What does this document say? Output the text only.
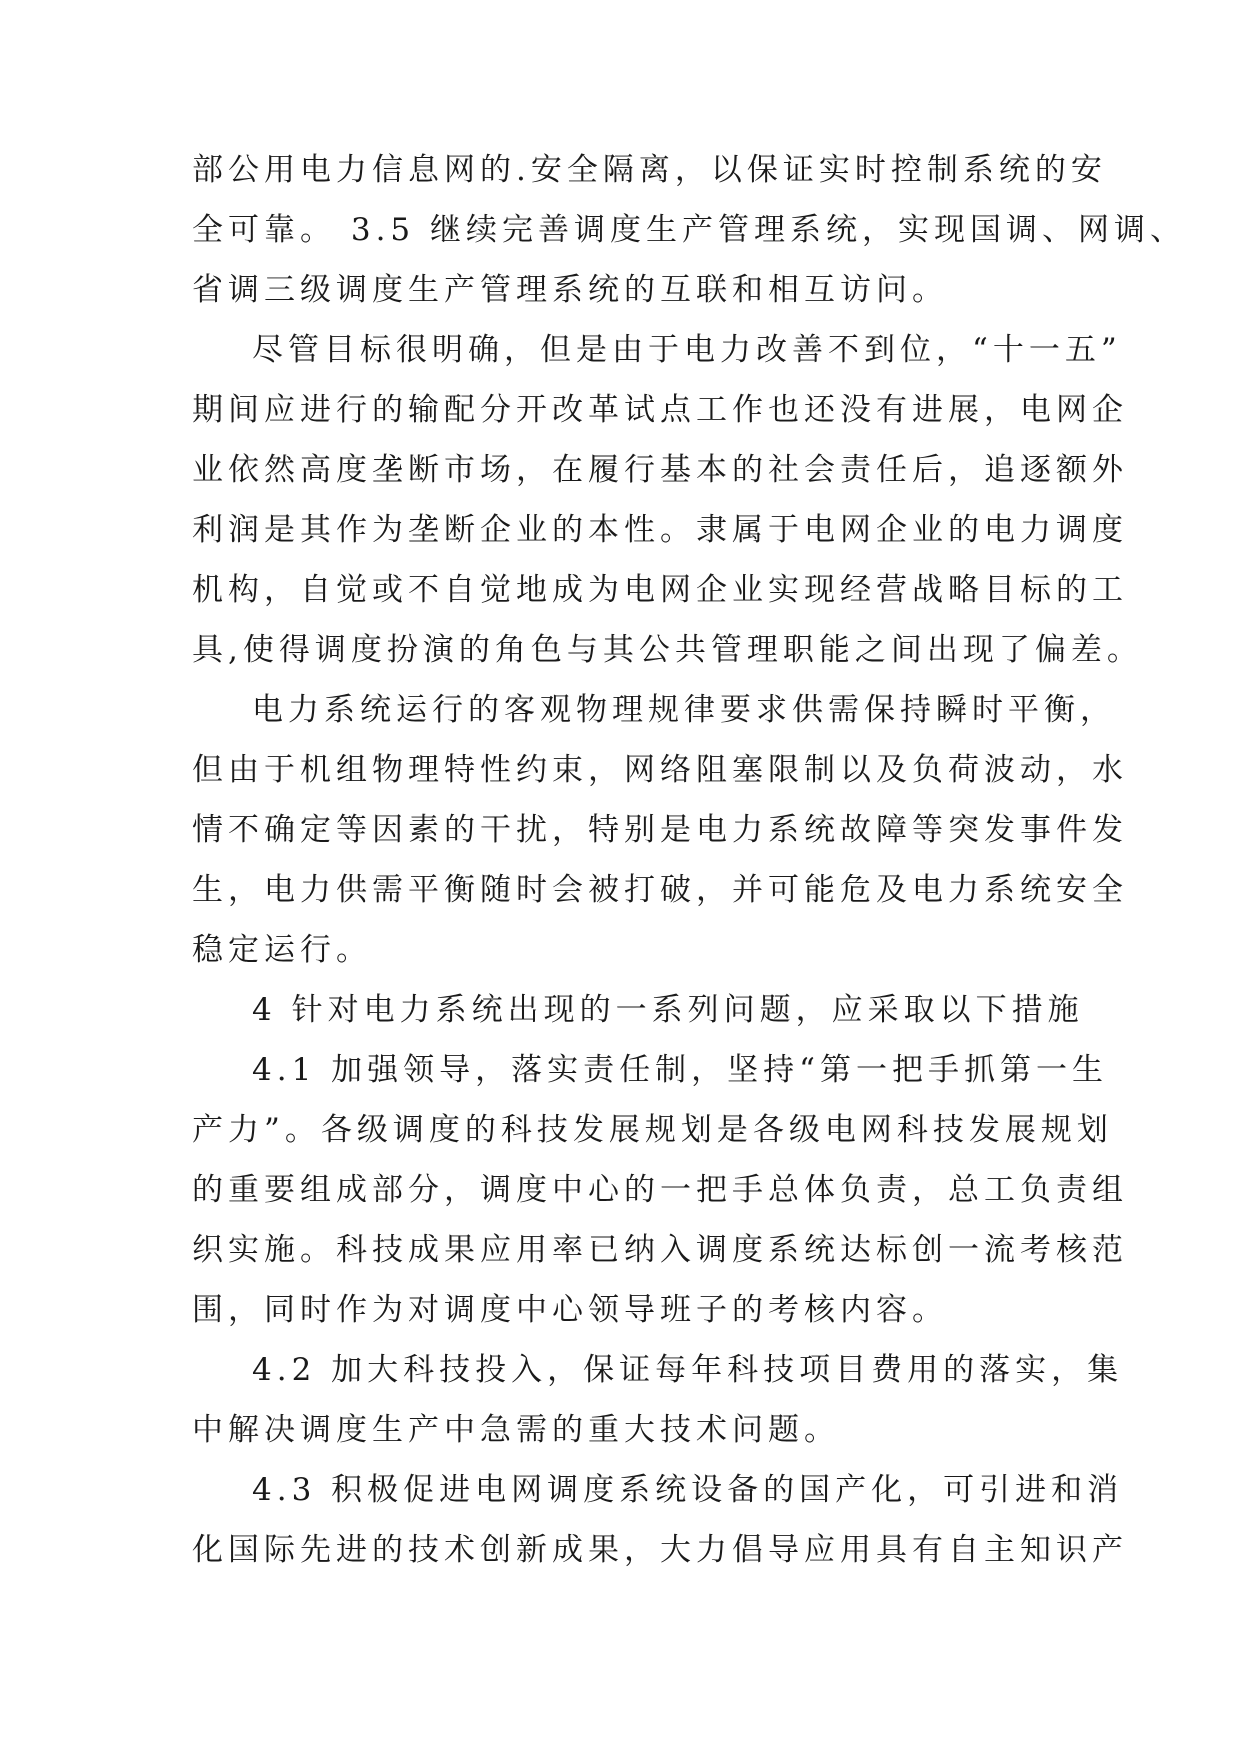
部公用电力信息网的.安全隔离，以保证实时控制系统的安
全可靠。 3.5 继续完善调度生产管理系统，实现国调、网调、
省调三级调度生产管理系统的互联和相互访问。
尽管目标很明确，但是由于电力改善不到位，“十一五”
期间应进行的输配分开改革试点工作也还没有进展，电网企
业依然高度垄断市场，在履行基本的社会责任后，追逐额外
利润是其作为垄断企业的本性。隶属于电网企业的电力调度
机构，自觉或不自觉地成为电网企业实现经营战略目标的工
具,使得调度扮演的角色与其公共管理职能之间出现了偏差。
电力系统运行的客观物理规律要求供需保持瞬时平衡，
但由于机组物理特性约束，网络阻塞限制以及负荷波动，水
情不确定等因素的干扰，特别是电力系统故障等突发事件发
生，电力供需平衡随时会被打破，并可能危及电力系统安全
稳定运行。
4 针对电力系统出现的一系列问题，应采取以下措施
4.1 加强领导，落实责任制，坚持“第一把手抓第一生
产力”。各级调度的科技发展规划是各级电网科技发展规划
的重要组成部分，调度中心的一把手总体负责，总工负责组
织实施。科技成果应用率已纳入调度系统达标创一流考核范
围，同时作为对调度中心领导班子的考核内容。
4.2 加大科技投入，保证每年科技项目费用的落实，集
中解决调度生产中急需的重大技术问题。
4.3 积极促进电网调度系统设备的国产化，可引进和消
化国际先进的技术创新成果，大力倡导应用具有自主知识产
